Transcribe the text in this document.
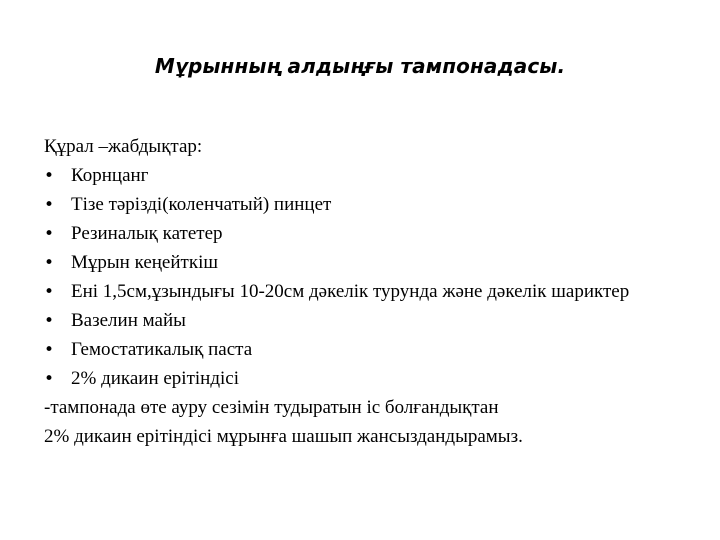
Мұрынның алдыңғы тампонадасы.
Құрал –жабдықтар:
• Корнцанг
• Тізе тәрізді(коленчатый) пинцет
• Резиналық катетер
• Мұрын кеңейткіш
• Ені 1,5см,ұзындығы 10-20см дәкелік турунда және дәкелік шариктер
• Вазелин майы
• Гемостатикалық паста
• 2% дикаин ерітіндісі
-тампонада өте ауру сезімін тудыратын іс болғандықтан
2% дикаин ерітіндісі мұрынға шашып жансыздандырамыз.
